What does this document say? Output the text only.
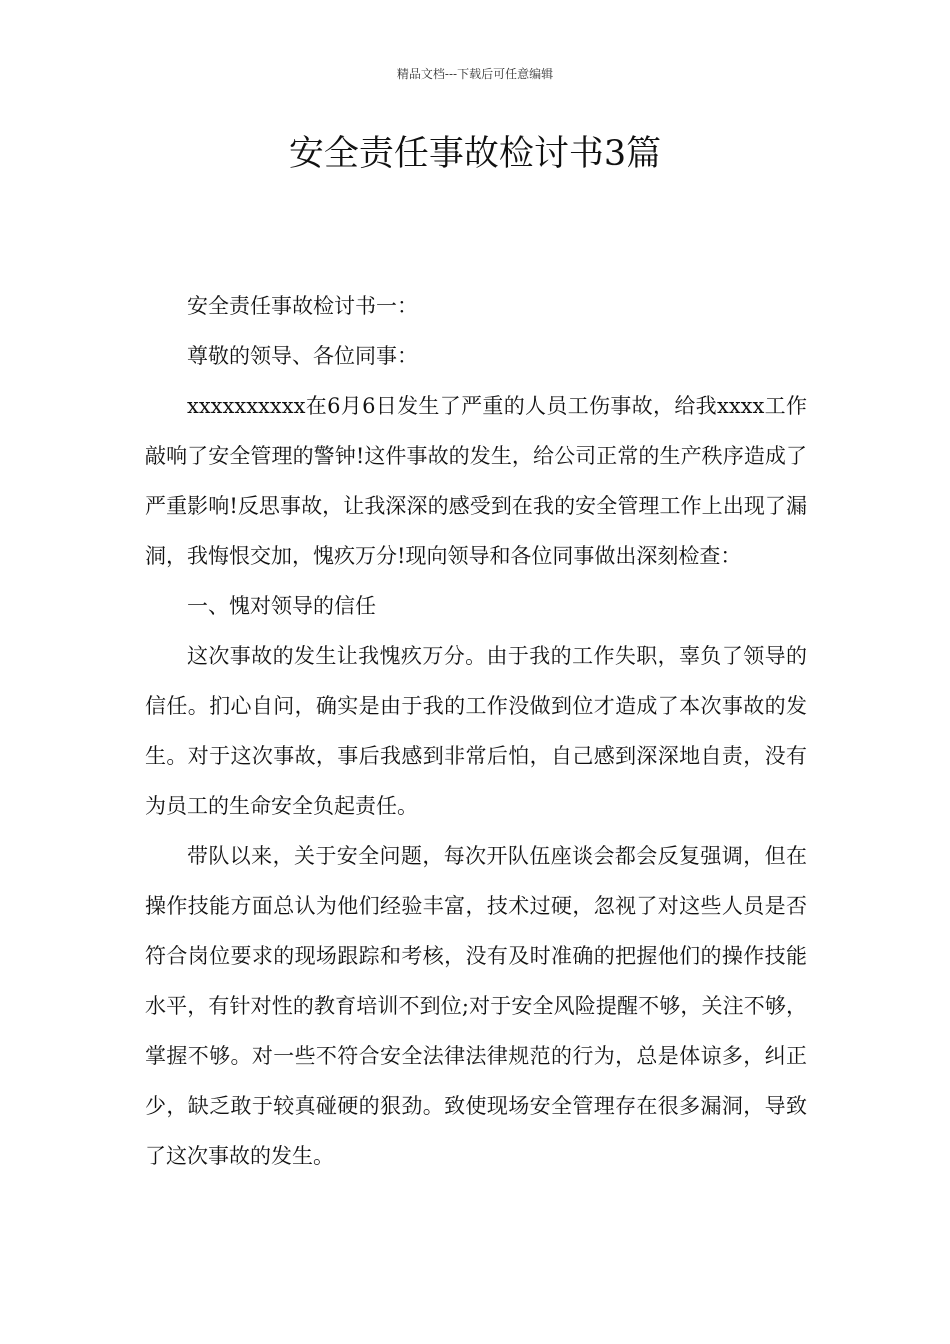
精品文档---下载后可任意编辑
安全责任事故检讨书3篇

安全责任事故检讨书一：

尊敬的领导、各位同事：

xxxxxxxxxx在6月6日发生了严重的人员工伤事故，给我xxxx工作敲响了安全管理的警钟!这件事故的发生，给公司正常的生产秩序造成了严重影响!反思事故，让我深深的感受到在我的安全管理工作上出现了漏洞，我悔恨交加，愧疚万分!现向领导和各位同事做出深刻检查：

一、愧对领导的信任

这次事故的发生让我愧疚万分。由于我的工作失职，辜负了领导的信任。扪心自问，确实是由于我的工作没做到位才造成了本次事故的发生。对于这次事故，事后我感到非常后怕，自己感到深深地自责，没有为员工的生命安全负起责任。

带队以来，关于安全问题，每次开队伍座谈会都会反复强调，但在操作技能方面总认为他们经验丰富，技术过硬，忽视了对这些人员是否符合岗位要求的现场跟踪和考核，没有及时准确的把握他们的操作技能水平，有针对性的教育培训不到位;对于安全风险提醒不够，关注不够，掌握不够。对一些不符合安全法律法律规范的行为，总是体谅多，纠正少，缺乏敢于较真碰硬的狠劲。致使现场安全管理存在很多漏洞，导致了这次事故的发生。
